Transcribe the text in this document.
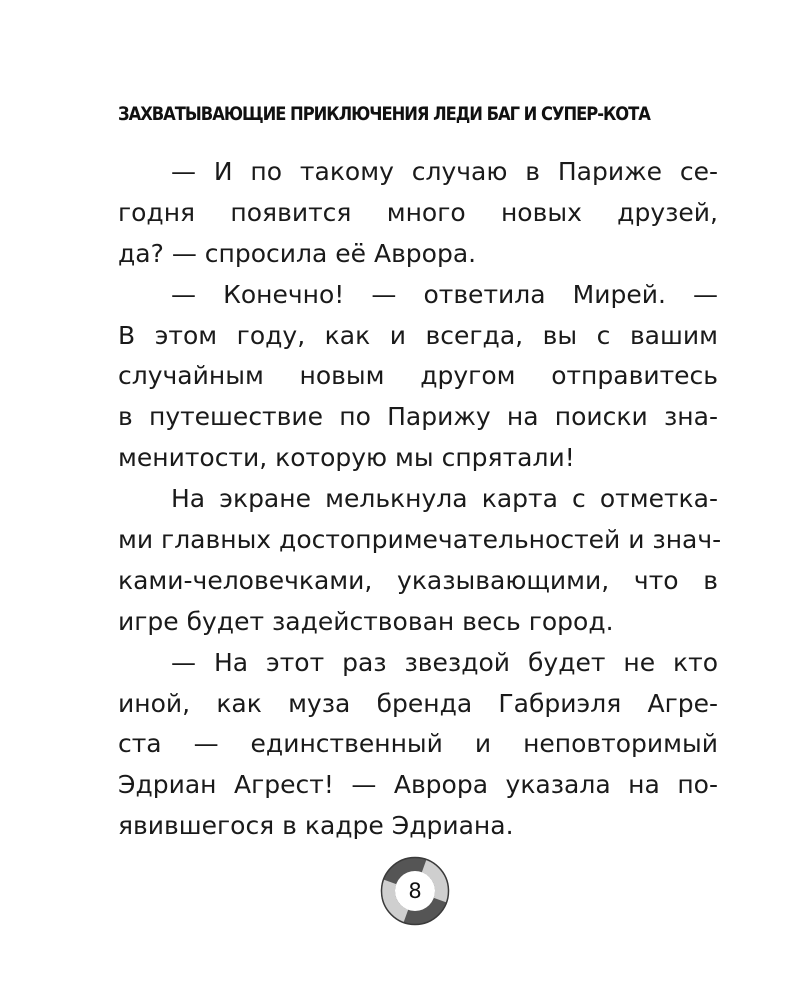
ЗАХВАТЫВАЮЩИЕ ПРИКЛЮЧЕНИЯ ЛЕДИ БАГ И СУПЕР-КОТА
— И по такому случаю в Париже се-
годня появится много новых друзей,
да? — спросила её Аврора.
— Конечно! — ответила Мирей. —
В этом году, как и всегда, вы с вашим
случайным новым другом отправитесь
в путешествие по Парижу на поиски зна-
менитости, которую мы спрятали!
На экране мелькнула карта с отметка-
ми главных достопримечательностей и знач-
ками-человечками, указывающими, что в
игре будет задействован весь город.
— На этот раз звездой будет не кто
иной, как муза бренда Габриэля Агре-
ста — единственный и неповторимый
Эдриан Агрест! — Аврора указала на по-
явившегося в кадре Эдриана.
8
